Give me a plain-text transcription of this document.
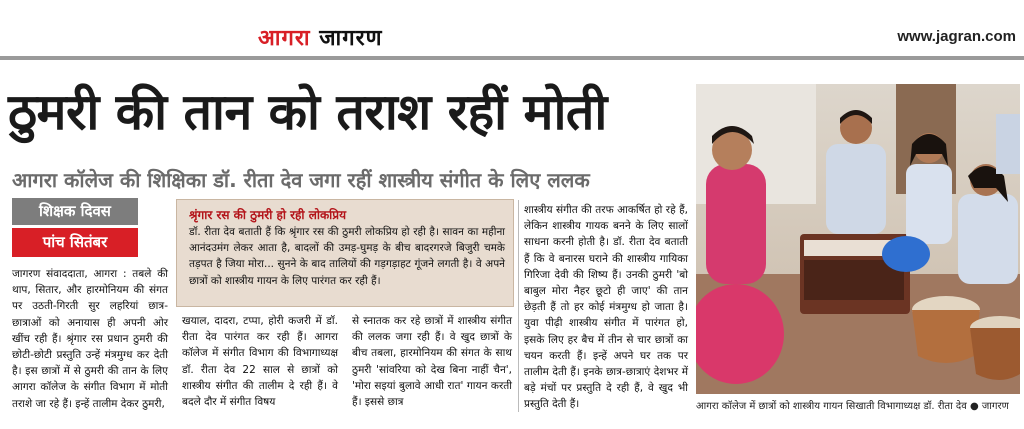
आगरा जागरण	www.jagran.com
ठुमरी की तान को तराश रहीं मोती
आगरा कॉलेज की शिक्षिका डॉ. रीता देव जगा रहीं शास्त्रीय संगीत के लिए ललक
आगरा कॉलेज में छात्रों को शास्त्रीय गायन सिखाती विभागाध्यक्ष डॉ. रीता देव ● जागरण
शिक्षक दिवस
पांच सितंबर

जागरण संवाददाता, आगरा : तबले की थाप, सितार, और हारमोनियम की संगत पर उठती-गिरती सुर लहरियां छात्र-छात्राओं को अनायास ही अपनी ओर खींच रही हैं। श्रृंगार रस प्रधान ठुमरी की छोटी-छोटी प्रस्तुति उन्हें मंत्रमुग्ध कर देती है। इस छात्रों में से ठुमरी की तान के लिए आगरा कॉलेज के संगीत विभाग में मोती तराशे जा रहे हैं। इन्हें तालीम देकर ठुमरी,

श्रृंगार रस की ठुमरी हो रही लोकप्रिय
डॉ. रीता देव बताती हैं कि श्रृंगार रस की ठुमरी लोकप्रिय हो रही है। सावन का महीना आनंदउमंग लेकर आता है, बादलों की उमड़-घुमड़ के बीच बादरगरजे बिजुरी चमके तड़पत है जिया मोरा... सुनने के बाद तालियों की गड़गड़ाहट गूंजने लगती है। वे अपने छात्रों को शास्त्रीय गायन के लिए पारंगत कर रही हैं।

खयाल, दादरा, टप्पा, होरी कजरी में डॉ. रीता देव पारंगत कर रही हैं। आगरा कॉलेज में संगीत विभाग की विभागाध्यक्ष डॉ. रीता देव 22 साल से छात्रों को शास्त्रीय संगीत की तालीम दे रही हैं। वे बदले दौर में संगीत विषय

से स्नातक कर रहे छात्रों में शास्त्रीय संगीत की ललक जगा रही हैं। वे खुद छात्रों के बीच तबला, हारमोनियम की संगत के साथ ठुमरी 'सांवरिया को देख बिना नाहीं चैन', 'मोरा सइयां बुलावे आधी रात' गायन करती हैं। इससे छात्र

शास्त्रीय संगीत की तरफ आकर्षित हो रहे हैं, लेकिन शास्त्रीय गायक बनने के लिए सालों साधना करनी होती है। डॉ. रीता देव बताती हैं कि वे बनारस घराने की शास्त्रीय गायिका गिरिजा देवी की शिष्य हैं। उनकी ठुमरी 'बो बाबुल मोरा नैहर छूटो ही जाए' की तान छेड़ती हैं तो हर कोई मंत्रमुग्ध हो जाता है। युवा पीढ़ी शास्त्रीय संगीत में पारंगत हो, इसके लिए हर बैच में तीन से चार छात्रों का चयन करती हैं। इन्हें अपने घर तक पर तालीम देती हैं। इनके छात्र-छात्राएं देशभर में बड़े मंचों पर प्रस्तुति दे रही हैं, वे खुद भी प्रस्तुति देती हैं।
